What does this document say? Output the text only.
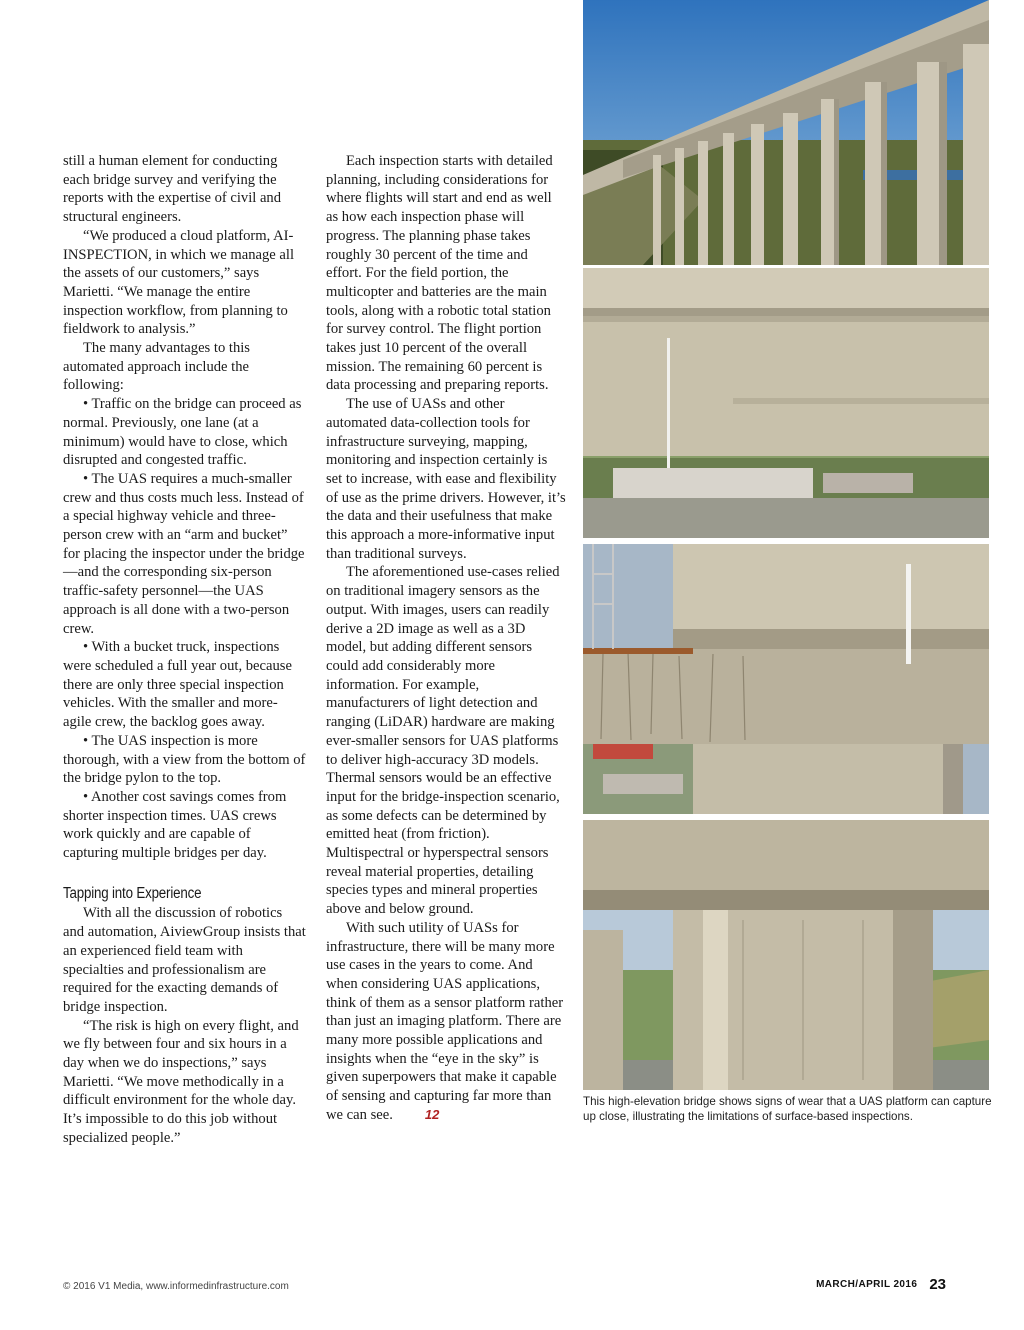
still a human element for conducting each bridge survey and verifying the reports with the expertise of civil and structural engineers.

“We produced a cloud platform, AI-INSPECTION, in which we manage all the assets of our customers,” says Marietti. “We manage the entire inspection workflow, from planning to fieldwork to analysis.”

The many advantages to this automated approach include the following:

• Traffic on the bridge can proceed as normal. Previously, one lane (at a minimum) would have to close, which disrupted and congested traffic.

• The UAS requires a much-smaller crew and thus costs much less. Instead of a special highway vehicle and three-person crew with an “arm and bucket” for placing the inspector under the bridge—and the corresponding six-person traffic-safety personnel—the UAS approach is all done with a two-person crew.

• With a bucket truck, inspections were scheduled a full year out, because there are only three special inspection vehicles. With the smaller and more-agile crew, the backlog goes away.

• The UAS inspection is more thorough, with a view from the bottom of the bridge pylon to the top.

• Another cost savings comes from shorter inspection times. UAS crews work quickly and are capable of capturing multiple bridges per day.

Tapping into Experience

With all the discussion of robotics and automation, AiviewGroup insists that an experienced field team with specialties and professionalism are required for the exacting demands of bridge inspection.

“The risk is high on every flight, and we fly between four and six hours in a day when we do inspections,” says Marietti. “We move methodically in a difficult environment for the whole day. It’s impossible to do this job without specialized people.”

Each inspection starts with detailed planning, including considerations for where flights will start and end as well as how each inspection phase will progress. The planning phase takes roughly 30 percent of the time and effort. For the field portion, the multicopter and batteries are the main tools, along with a robotic total station for survey control. The flight portion takes just 10 percent of the overall mission. The remaining 60 percent is data processing and preparing reports.

The use of UASs and other automated data-collection tools for infrastructure surveying, mapping, monitoring and inspection certainly is set to increase, with ease and flexibility of use as the prime drivers. However, it’s the data and their usefulness that make this approach a more-informative input than traditional surveys.

The aforementioned use-cases relied on traditional imagery sensors as the output. With images, users can readily derive a 2D image as well as a 3D model, but adding different sensors could add considerably more information. For example, manufacturers of light detection and ranging (LiDAR) hardware are making ever-smaller sensors for UAS platforms to deliver high-accuracy 3D models. Thermal sensors would be an effective input for the bridge-inspection scenario, as some defects can be determined by emitted heat (from friction). Multispectral or hyperspectral sensors reveal material properties, detailing species types and mineral properties above and below ground.

With such utility of UASs for infrastructure, there will be many more use cases in the years to come. And when considering UAS applications, think of them as a sensor platform rather than just an imaging platform. There are many more possible applications and insights when the “eye in the sky” is given superpowers that make it capable of sensing and capturing far more than we can see. 12

This high-elevation bridge shows signs of wear that a UAS platform can capture up close, illustrating the limitations of surface-based inspections.
© 2016 V1 Media, www.informedinfrastructure.com	MARCH/APRIL 2016 23
